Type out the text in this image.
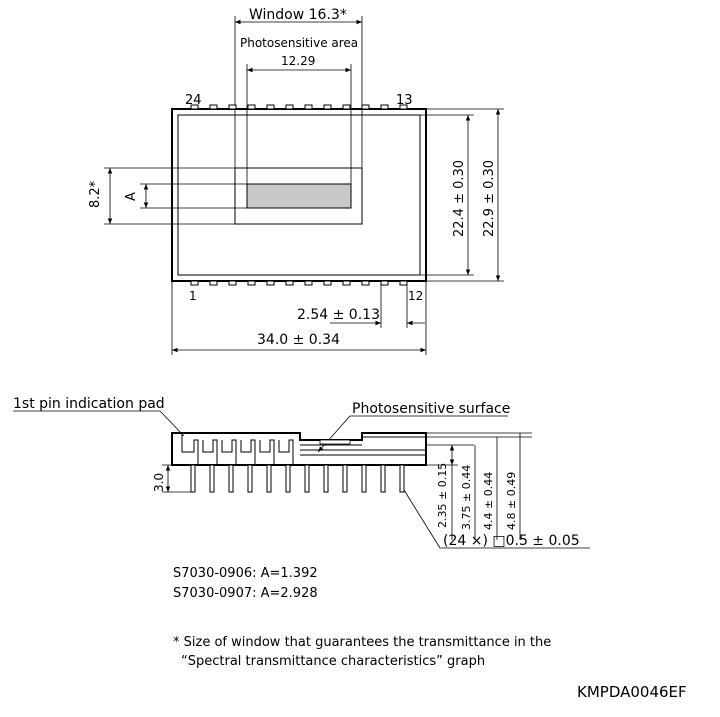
Window 16.3*
Photosensitive area
12.29
24	13
1	12
8.2* A	22.4 ± 0.30 22.9 ± 0.30
2.54 ± 0.13
34.0 ± 0.34
1st pin indication pad	Photosensitive surface
3.0	2.35 ± 0.15 3.75 ± 0.44 4.4 ± 0.44 4.8 ± 0.49
(24 ×) □0.5 ± 0.05
S7030-0906: A=1.392
S7030-0907: A=2.928
* Size of window that guarantees the transmittance in the
“Spectral transmittance characteristics” graph
KMPDA0046EF
